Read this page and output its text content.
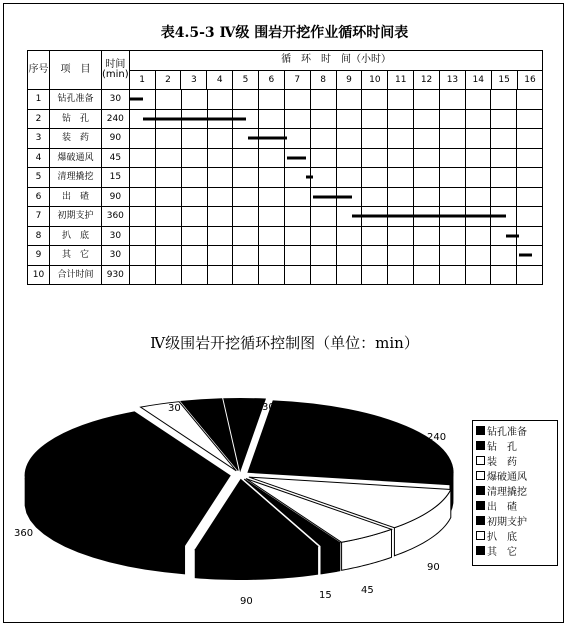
表4.5-3 Ⅳ级 围岩开挖作业循环时间表
序号	项　目	时间(min)	循　环　时　间（小时）															
			1	2	3	4	5	6	7	8	9	10	11	12	13	14	15	16
1	钻孔准备	30																

2	钻　孔	240																

3	装　药	90																

4	爆破通风	45																

5	清理撬挖	15																

6	出　碴	90																

7	初期支护	360																

8	扒　底	30																

9	其　它	30																

10	合计时间	930																
Ⅳ级围岩开挖循环控制图（单位：min）
钻孔准备
钻　孔
装　药
爆破通风
清理撬挖
出　碴
初期支护
扒　底
其　它
30
240
90
45
15
90
360
30	30
